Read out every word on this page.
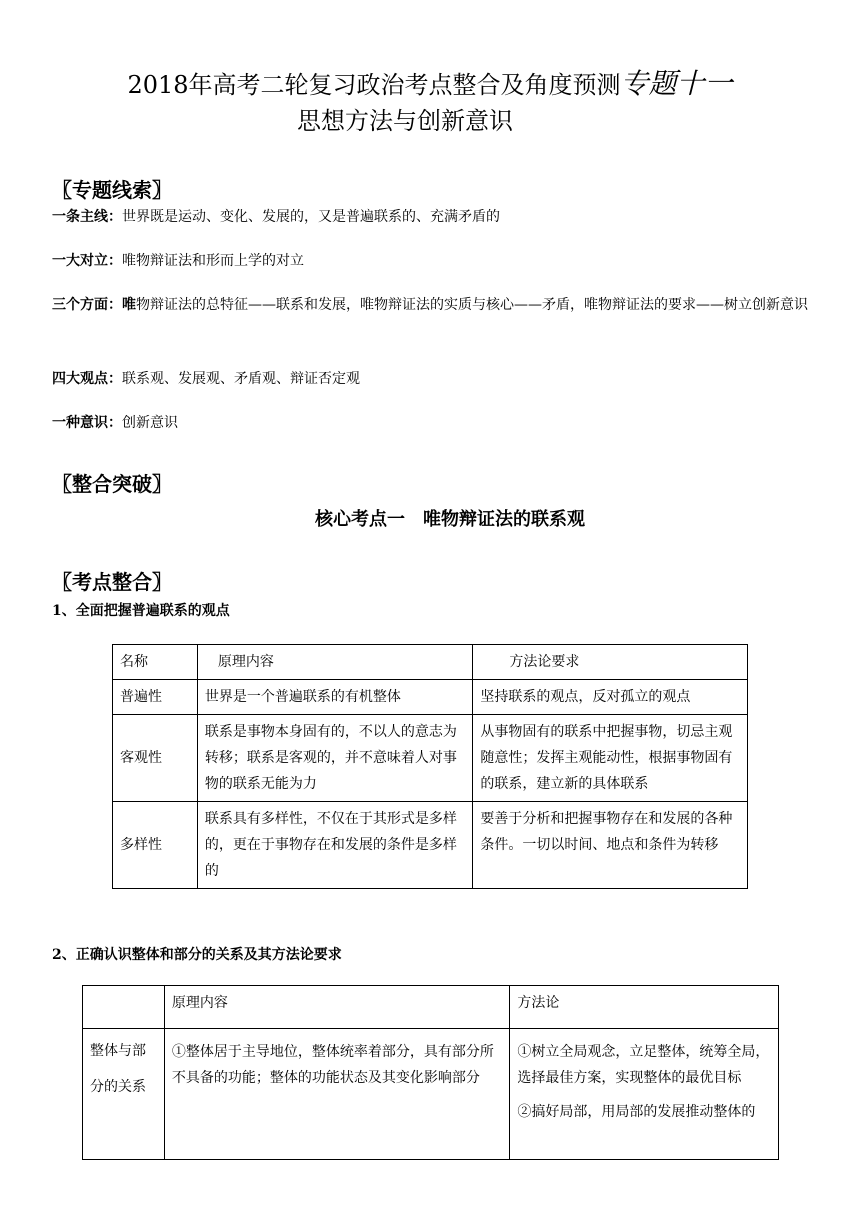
2018年高考二轮复习政治考点整合及角度预测专题十一
思想方法与创新意识
〖专题线索〗
一条主线：世界既是运动、变化、发展的，又是普遍联系的、充满矛盾的
一大对立：唯物辩证法和形而上学的对立
三个方面：唯物辩证法的总特征——联系和发展，唯物辩证法的实质与核心——矛盾，唯物辩证法的要求——树立创新意识
四大观点：联系观、发展观、矛盾观、辩证否定观
一种意识：创新意识
〖整合突破〗
核心考点一　唯物辩证法的联系观
〖考点整合〗
1、全面把握普遍联系的观点
名称	原理内容	方法论要求
普遍性	世界是一个普遍联系的有机整体	坚持联系的观点，反对孤立的观点
客观性	联系是事物本身固有的，不以人的意志为转移；联系是客观的，并不意味着人对事物的联系无能为力	从事物固有的联系中把握事物，切忌主观随意性；发挥主观能动性，根据事物固有的联系，建立新的具体联系
多样性	联系具有多样性，不仅在于其形式是多样的，更在于事物存在和发展的条件是多样的	要善于分析和把握事物存在和发展的各种条件。一切以时间、地点和条件为转移
2、正确认识整体和部分的关系及其方法论要求
	原理内容	方法论
整体与部分的关系	①整体居于主导地位，整体统率着部分，具有部分所不具备的功能；整体的功能状态及其变化影响部分	①树立全局观念，立足整体，统筹全局，选择最佳方案，实现整体的最优目标
②搞好局部，用局部的发展推动整体的
